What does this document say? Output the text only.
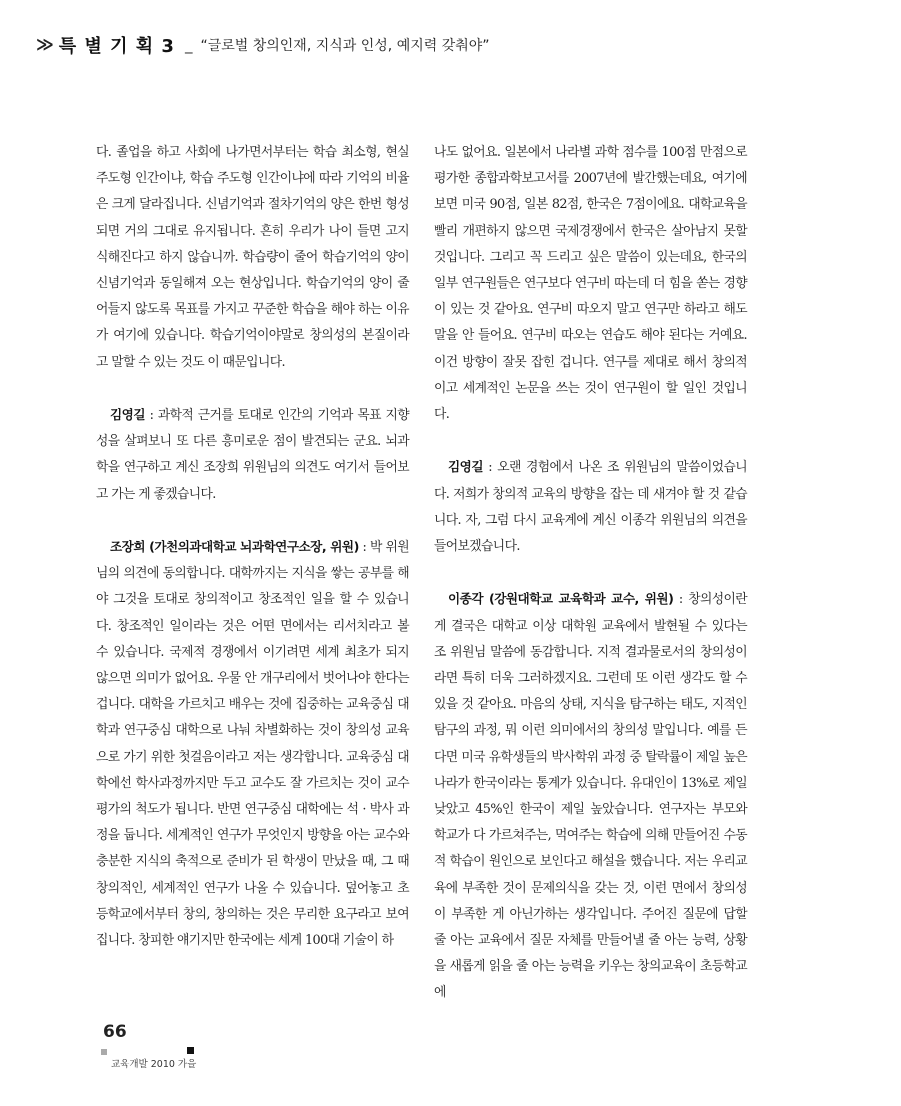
≫ 특 별 기 획 3 _ “글로벌 창의인재, 지식과 인성, 예지력 갖춰야”

다. 졸업을 하고 사회에 나가면서부터는 학습 최소형, 현실 주도형 인간이냐, 학습 주도형 인간이냐에 따라 기억의 비율은 크게 달라집니다. 신념기억과 절차기억의 양은 한번 형성되면 거의 그대로 유지됩니다. 흔히 우리가 나이 들면 고지식해진다고 하지 않습니까. 학습량이 줄어 학습기억의 양이 신념기억과 동일해져 오는 현상입니다. 학습기억의 양이 줄어들지 않도록 목표를 가지고 꾸준한 학습을 해야 하는 이유가 여기에 있습니다. 학습기억이야말로 창의성의 본질이라고 말할 수 있는 것도 이 때문입니다.

김영길 : 과학적 근거를 토대로 인간의 기억과 목표 지향성을 살펴보니 또 다른 흥미로운 점이 발견되는 군요. 뇌과학을 연구하고 계신 조장희 위원님의 의견도 여기서 들어보고 가는 게 좋겠습니다.

조장희 (가천의과대학교 뇌과학연구소장, 위원) : 박 위원님의 의견에 동의합니다. 대학까지는 지식을 쌓는 공부를 해야 그것을 토대로 창의적이고 창조적인 일을 할 수 있습니다. 창조적인 일이라는 것은 어떤 면에서는 리서치라고 볼 수 있습니다. 국제적 경쟁에서 이기려면 세계 최초가 되지 않으면 의미가 없어요. 우물 안 개구리에서 벗어나야 한다는 겁니다. 대학을 가르치고 배우는 것에 집중하는 교육중심 대학과 연구중심 대학으로 나눠 차별화하는 것이 창의성 교육으로 가기 위한 첫걸음이라고 저는 생각합니다. 교육중심 대학에선 학사과정까지만 두고 교수도 잘 가르치는 것이 교수평가의 척도가 됩니다. 반면 연구중심 대학에는 석 · 박사 과정을 둡니다. 세계적인 연구가 무엇인지 방향을 아는 교수와 충분한 지식의 축적으로 준비가 된 학생이 만났을 때, 그 때 창의적인, 세계적인 연구가 나올 수 있습니다. 덮어놓고 초등학교에서부터 창의, 창의하는 것은 무리한 요구라고 보여집니다. 창피한 얘기지만 한국에는 세계 100대 기술이 하

나도 없어요. 일본에서 나라별 과학 점수를 100점 만점으로 평가한 종합과학보고서를 2007년에 발간했는데요, 여기에 보면 미국 90점, 일본 82점, 한국은 7점이에요. 대학교육을 빨리 개편하지 않으면 국제경쟁에서 한국은 살아남지 못할 것입니다. 그리고 꼭 드리고 싶은 말씀이 있는데요, 한국의 일부 연구원들은 연구보다 연구비 따는데 더 힘을 쏟는 경향이 있는 것 같아요. 연구비 따오지 말고 연구만 하라고 해도 말을 안 들어요. 연구비 따오는 연습도 해야 된다는 거예요. 이건 방향이 잘못 잡힌 겁니다. 연구를 제대로 해서 창의적이고 세계적인 논문을 쓰는 것이 연구원이 할 일인 것입니다.

김영길 : 오랜 경험에서 나온 조 위원님의 말씀이었습니다. 저희가 창의적 교육의 방향을 잡는 데 새겨야 할 것 같습니다. 자, 그럼 다시 교육계에 계신 이종각 위원님의 의견을 들어보겠습니다.

이종각 (강원대학교 교육학과 교수, 위원) : 창의성이란 게 결국은 대학교 이상 대학원 교육에서 발현될 수 있다는 조 위원님 말씀에 동감합니다. 지적 결과물로서의 창의성이라면 특히 더욱 그러하겠지요. 그런데 또 이런 생각도 할 수 있을 것 같아요. 마음의 상태, 지식을 탐구하는 태도, 지적인 탐구의 과정, 뭐 이런 의미에서의 창의성 말입니다. 예를 든다면 미국 유학생들의 박사학위 과정 중 탈락률이 제일 높은 나라가 한국이라는 통계가 있습니다. 유대인이 13%로 제일 낮았고 45%인 한국이 제일 높았습니다. 연구자는 부모와 학교가 다 가르쳐주는, 먹여주는 학습에 의해 만들어진 수동적 학습이 원인으로 보인다고 해설을 했습니다. 저는 우리교육에 부족한 것이 문제의식을 갖는 것, 이런 면에서 창의성이 부족한 게 아닌가하는 생각입니다. 주어진 질문에 답할 줄 아는 교육에서 질문 자체를 만들어낼 줄 아는 능력, 상황을 새롭게 읽을 줄 아는 능력을 키우는 창의교육이 초등학교에

66
교육개발 2010 가을
